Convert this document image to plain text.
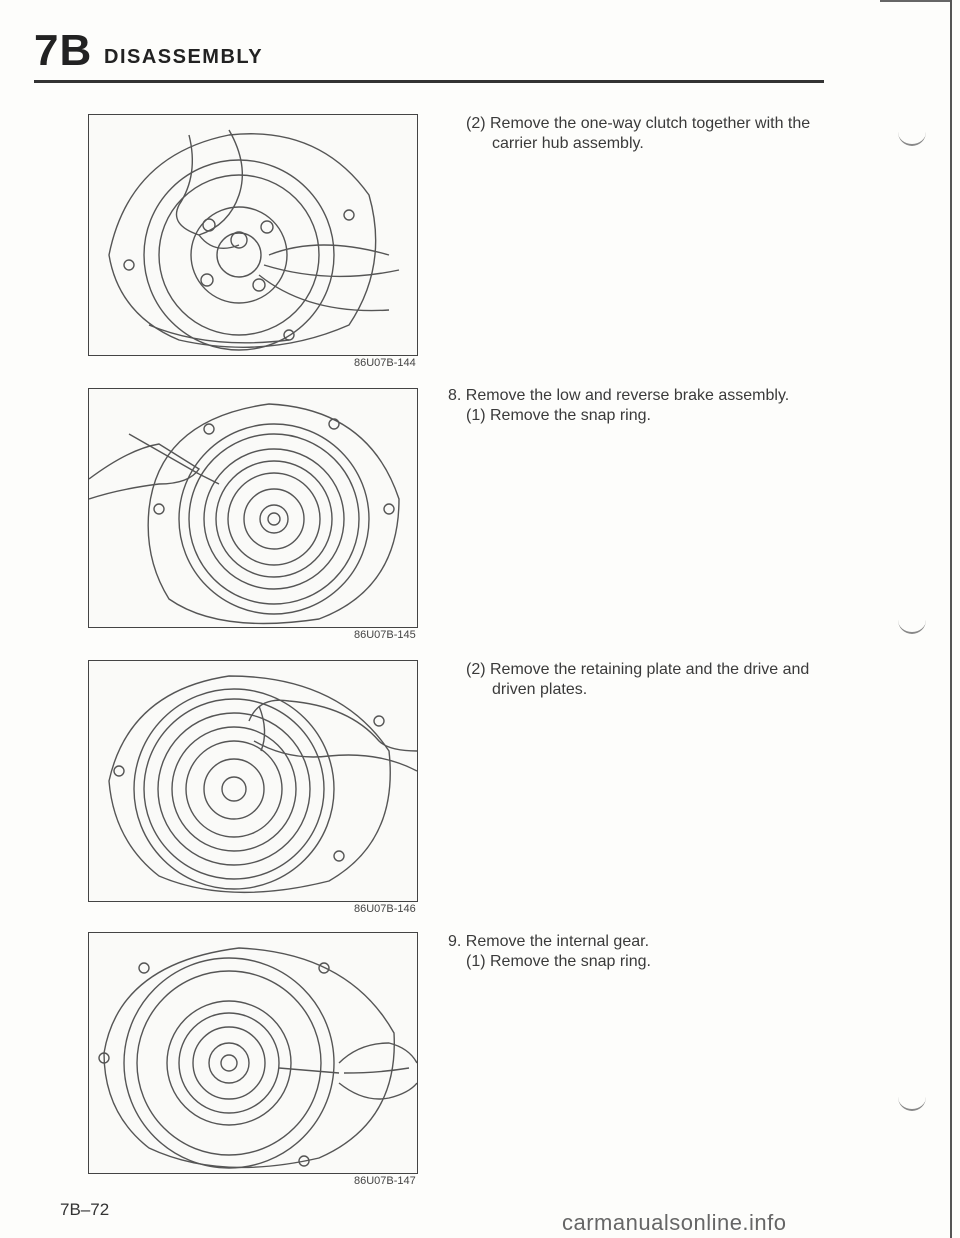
7B DISASSEMBLY
86U07B-144
86U07B-145
86U07B-146
86U07B-147
(2) Remove the one-way clutch together with the
carrier hub assembly.
8. Remove the low and reverse brake assembly.
(1) Remove the snap ring.
(2) Remove the retaining plate and the drive and
driven plates.
9. Remove the internal gear.
(1) Remove the snap ring.
7B–72
carmanualsonline.info
